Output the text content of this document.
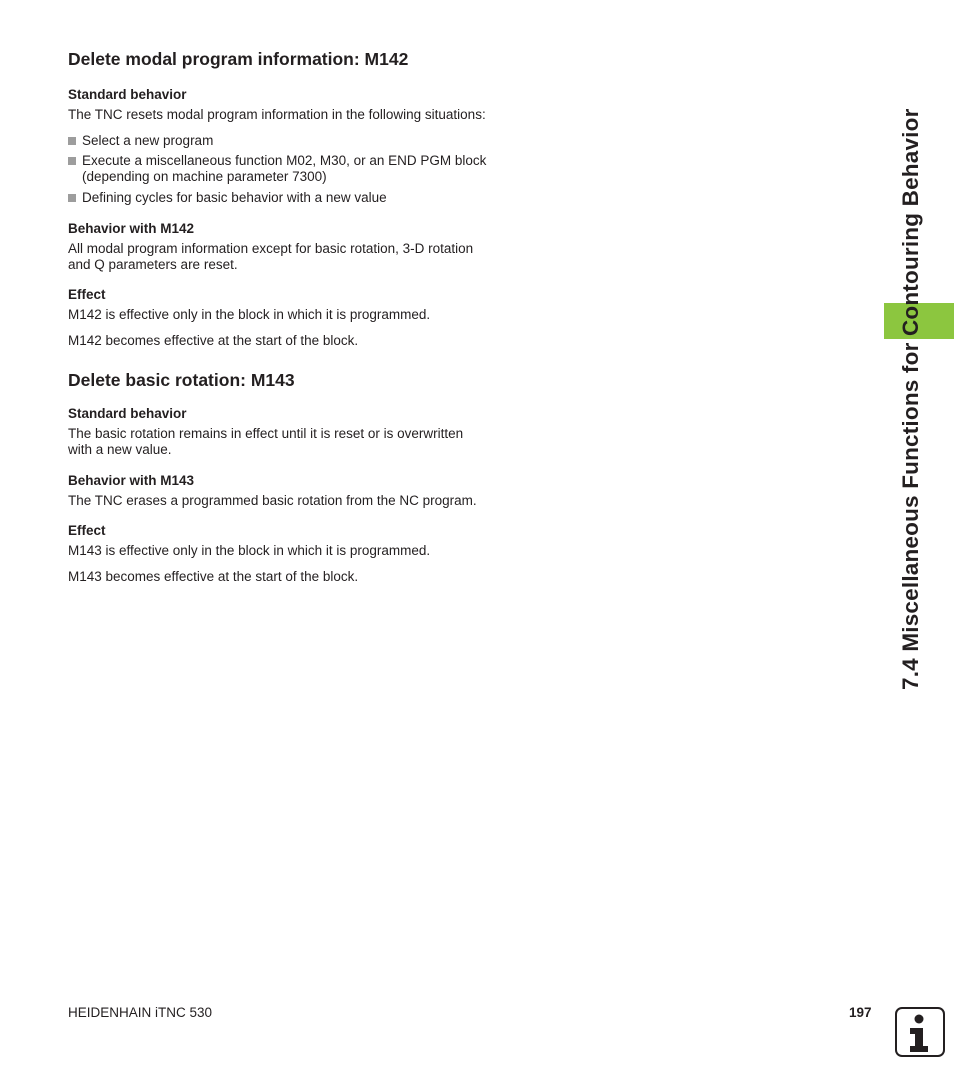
7.4 Miscellaneous Functions for Contouring Behavior
Delete modal program information: M142
Standard behavior

The TNC resets modal program information in the following situations:

Select a new program
Execute a miscellaneous function M02, M30, or an END PGM block
(depending on machine parameter 7300)
Defining cycles for basic behavior with a new value
Behavior with M142

All modal program information except for basic rotation, 3-D rotation

and Q parameters are reset.

Effect

M142 is effective only in the block in which it is programmed.

M142 becomes effective at the start of the block.

Delete basic rotation: M143
Standard behavior

The basic rotation remains in effect until it is reset or is overwritten

with a new value.

Behavior with M143

The TNC erases a programmed basic rotation from the NC program.

Effect

M143 is effective only in the block in which it is programmed.

M143 becomes effective at the start of the block.

HEIDENHAIN iTNC 530	197
